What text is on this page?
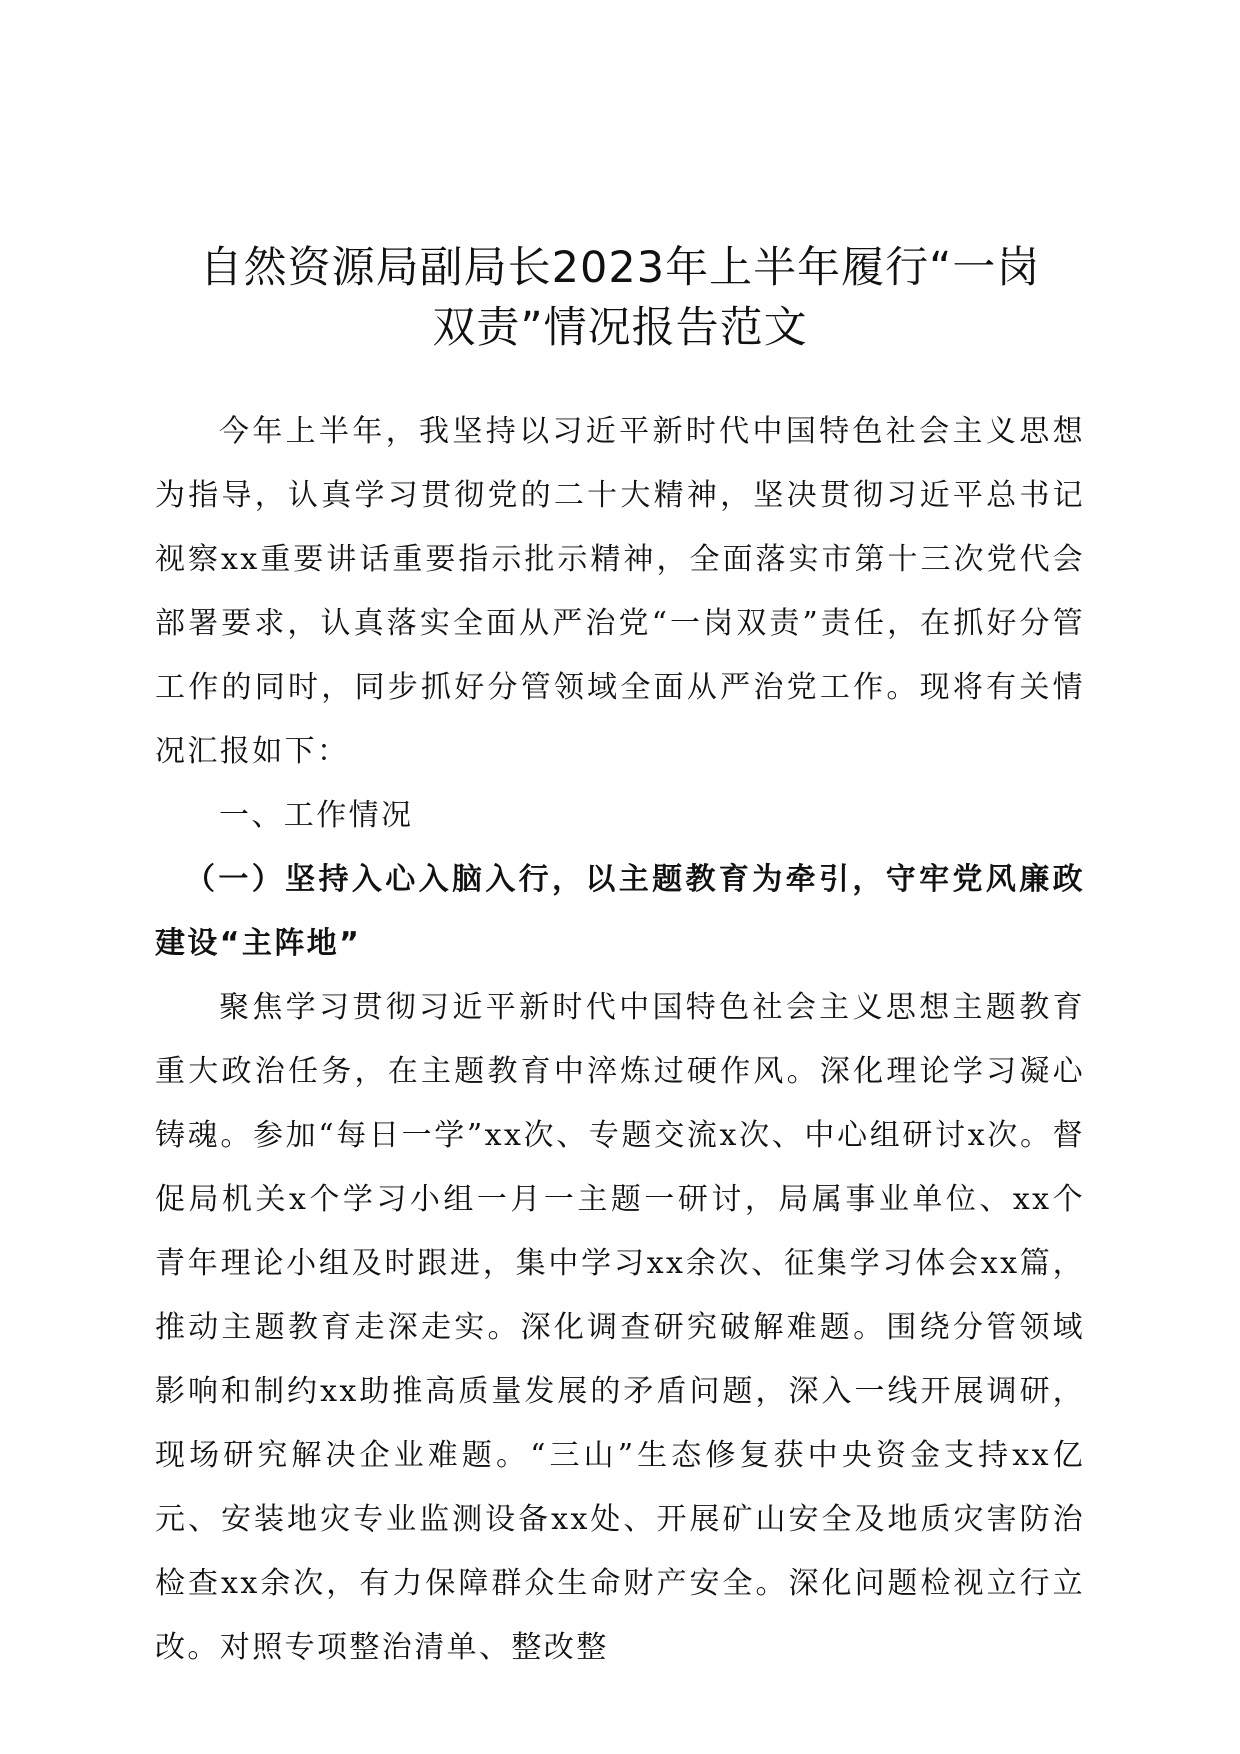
自然资源局副局长2023年上半年履行“一岗
双责”情况报告范文

今年上半年，我坚持以习近平新时代中国特色社会主义思想为指导，认真学习贯彻党的二十大精神，坚决贯彻习近平总书记视察xx重要讲话重要指示批示精神，全面落实市第十三次党代会部署要求，认真落实全面从严治党“一岗双责”责任，在抓好分管工作的同时，同步抓好分管领域全面从严治党工作。现将有关情况汇报如下：

一、工作情况

（一）坚持入心入脑入行，以主题教育为牵引，守牢党风廉政建设“主阵地”

聚焦学习贯彻习近平新时代中国特色社会主义思想主题教育重大政治任务，在主题教育中淬炼过硬作风。深化理论学习凝心铸魂。参加“每日一学”xx次、专题交流x次、中心组研讨x次。督促局机关x个学习小组一月一主题一研讨，局属事业单位、xx个青年理论小组及时跟进，集中学习xx余次、征集学习体会xx篇，推动主题教育走深走实。深化调查研究破解难题。围绕分管领域影响和制约xx助推高质量发展的矛盾问题，深入一线开展调研，现场研究解决企业难题。“三山”生态修复获中央资金支持xx亿元、安装地灾专业监测设备xx处、开展矿山安全及地质灾害防治检查xx余次，有力保障群众生命财产安全。深化问题检视立行立改。对照专项整治清单、整改整
